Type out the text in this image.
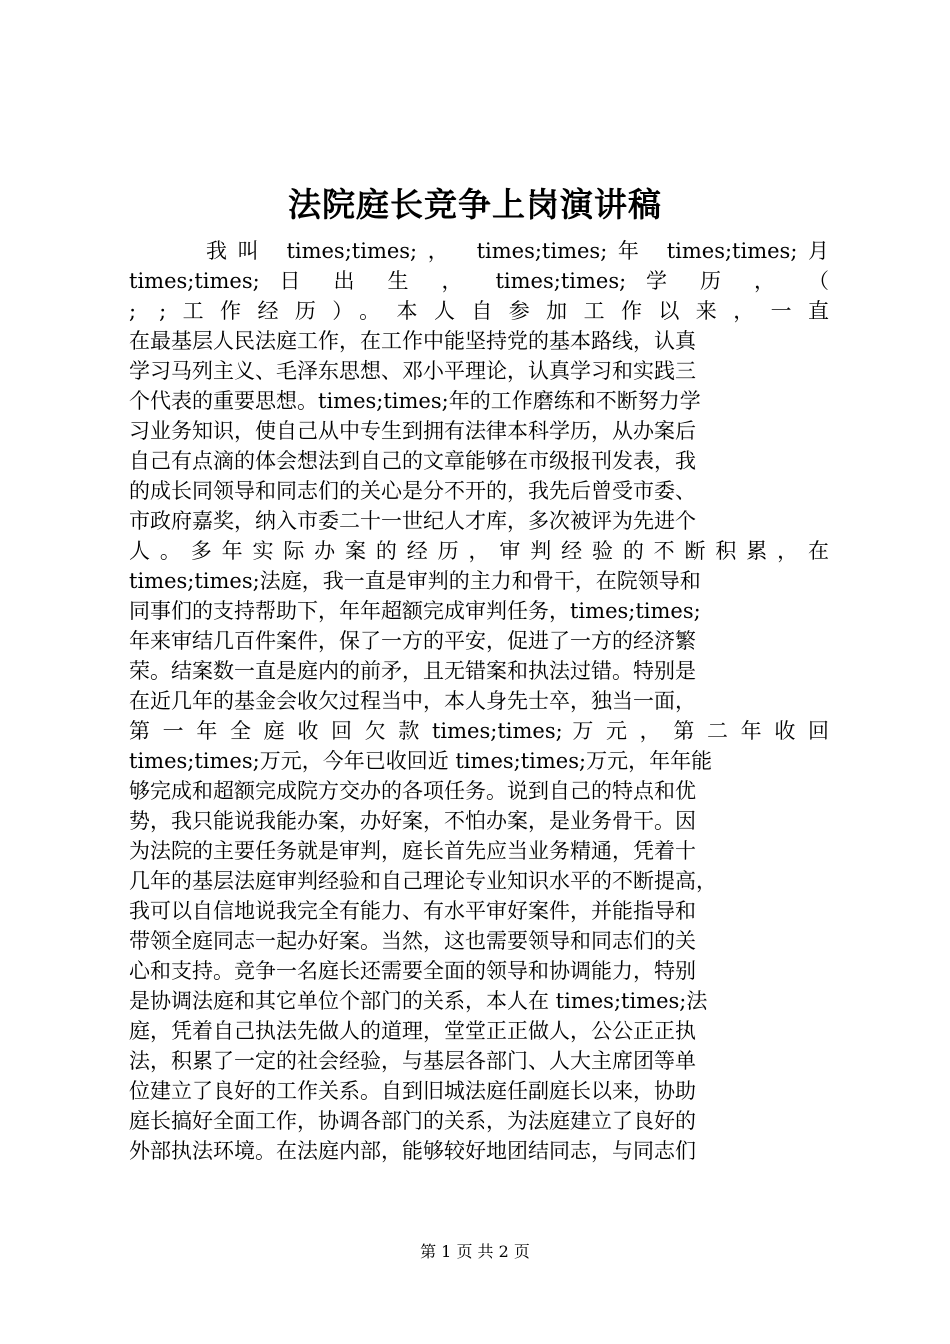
法院庭长竞争上岗演讲稿
我叫 times;times;， times;times;年 times;times;月
times;times; 日 出 生 ， times;times; 学 历 ， （
; ;工作经历）。本人自参加工作以来，一直
在最基层人民法庭工作，在工作中能坚持党的基本路线，认真
学习马列主义、毛泽东思想、邓小平理论，认真学习和实践三
个代表的重要思想。times;times;年的工作磨练和不断努力学
习业务知识，使自己从中专生到拥有法律本科学历，从办案后
自己有点滴的体会想法到自己的文章能够在市级报刊发表，我
的成长同领导和同志们的关心是分不开的，我先后曾受市委、
市政府嘉奖，纳入市委二十一世纪人才库，多次被评为先进个
人。多年实际办案的经历，审判经验的不断积累，在
times;times;法庭，我一直是审判的主力和骨干，在院领导和
同事们的支持帮助下，年年超额完成审判任务，times;times;
年来审结几百件案件，保了一方的平安，促进了一方的经济繁
荣。结案数一直是庭内的前矛，且无错案和执法过错。特别是
在近几年的基金会收欠过程当中，本人身先士卒，独当一面，
第 一 年 全 庭 收 回 欠 款 times;times; 万 元 ， 第 二 年 收 回
times;times;万元，今年已收回近 times;times;万元，年年能
够完成和超额完成院方交办的各项任务。说到自己的特点和优
势，我只能说我能办案，办好案，不怕办案，是业务骨干。因
为法院的主要任务就是审判，庭长首先应当业务精通，凭着十
几年的基层法庭审判经验和自己理论专业知识水平的不断提高，
我可以自信地说我完全有能力、有水平审好案件，并能指导和
带领全庭同志一起办好案。当然，这也需要领导和同志们的关
心和支持。竞争一名庭长还需要全面的领导和协调能力，特别
是协调法庭和其它单位个部门的关系，本人在 times;times;法
庭，凭着自己执法先做人的道理，堂堂正正做人，公公正正执
法，积累了一定的社会经验，与基层各部门、人大主席团等单
位建立了良好的工作关系。自到旧城法庭任副庭长以来，协助
庭长搞好全面工作，协调各部门的关系，为法庭建立了良好的
外部执法环境。在法庭内部，能够较好地团结同志，与同志们
第 1 页 共 2 页
